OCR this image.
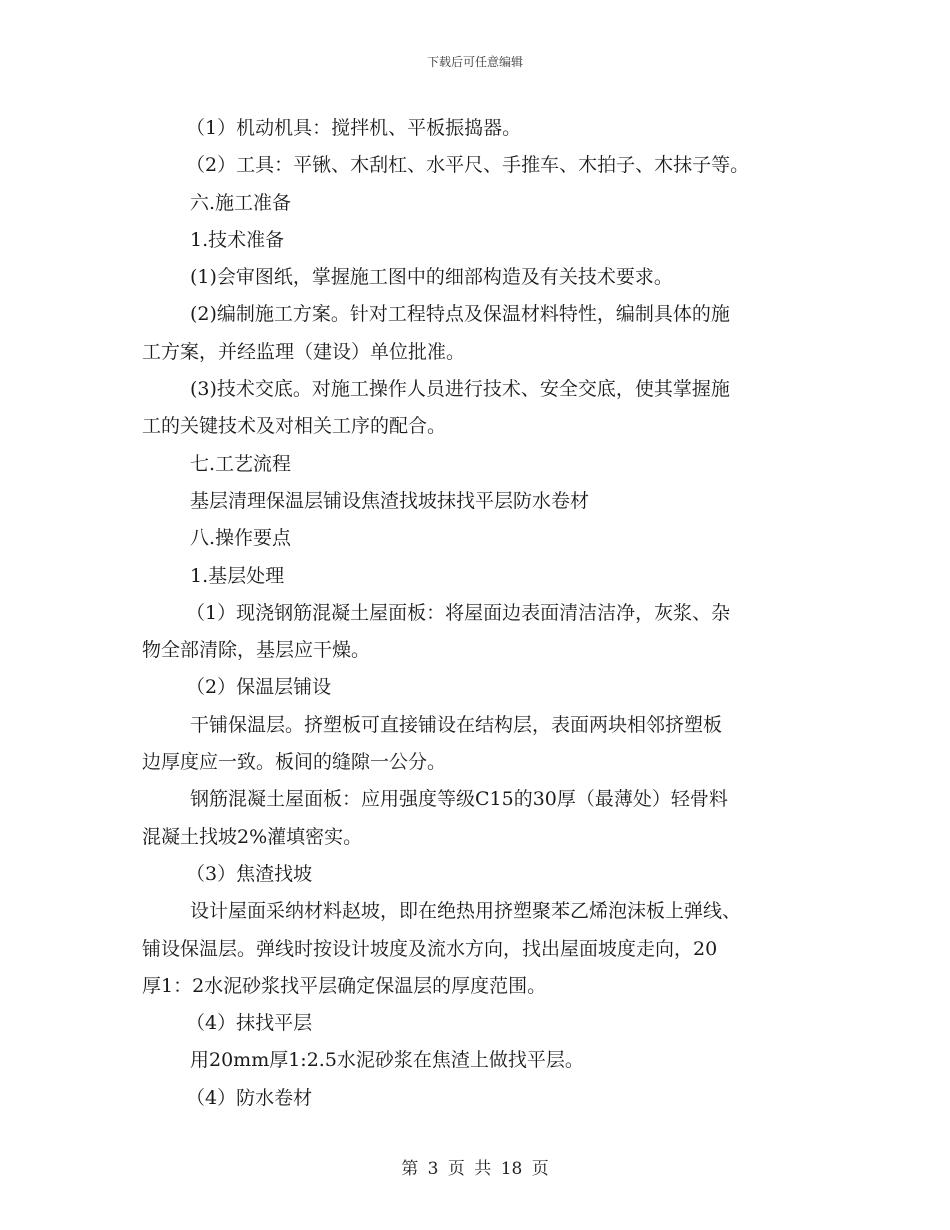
下载后可任意编辑
（1）机动机具：搅拌机、平板振捣器。
（2）工具：平锹、木刮杠、水平尺、手推车、木拍子、木抹子等。
六.施工准备
1.技术准备
(1)会审图纸，掌握施工图中的细部构造及有关技术要求。
(2)编制施工方案。针对工程特点及保温材料特性，编制具体的施
工方案，并经监理（建设）单位批准。
(3)技术交底。对施工操作人员进行技术、安全交底，使其掌握施
工的关键技术及对相关工序的配合。
七.工艺流程
基层清理保温层铺设焦渣找坡抹找平层防水卷材
八.操作要点
1.基层处理
（1）现浇钢筋混凝土屋面板：将屋面边表面清洁洁净，灰浆、杂
物全部清除，基层应干燥。
（2）保温层铺设
干铺保温层。挤塑板可直接铺设在结构层，表面两块相邻挤塑板
边厚度应一致。板间的缝隙一公分。
钢筋混凝土屋面板：应用强度等级C15的30厚（最薄处）轻骨料
混凝土找坡2%灌填密实。
（3）焦渣找坡
设计屋面采纳材料赵坡，即在绝热用挤塑聚苯乙烯泡沫板上弹线、
铺设保温层。弹线时按设计坡度及流水方向，找出屋面坡度走向，20
厚1：2水泥砂浆找平层确定保温层的厚度范围。
（4）抹找平层
用20mm厚1:2.5水泥砂浆在焦渣上做找平层。
（4）防水卷材
第 3 页 共 18 页
